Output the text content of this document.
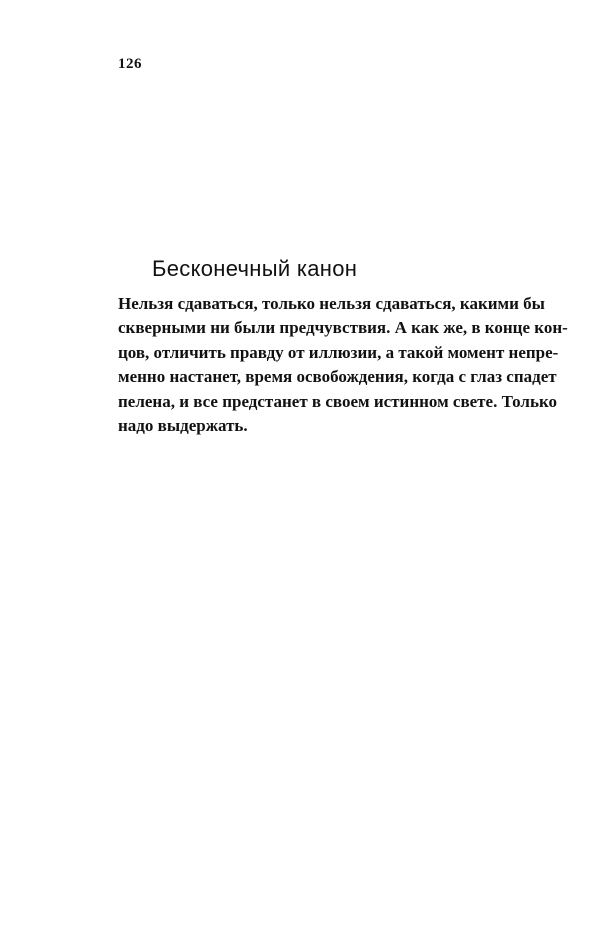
126
Бесконечный канон
Нельзя сдаваться, только нельзя сдаваться, какими бы
скверными ни были предчувствия. А как же, в конце кон-
цов, отличить правду от иллюзии, а такой момент непре-
менно настанет, время освобождения, когда с глаз спадет
пелена, и все предстанет в своем истинном свете. Только
надо выдержать.
